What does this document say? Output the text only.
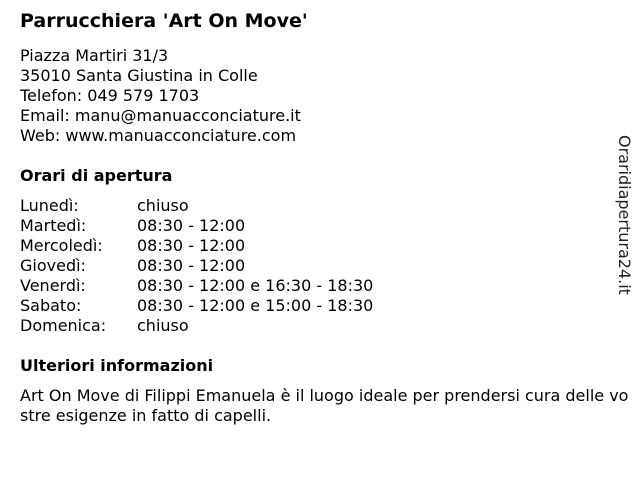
Parrucchiera 'Art On Move'
Piazza Martiri 31/3
35010 Santa Giustina in Colle
Telefon: 049 579 1703
Email: manu@manuacconciature.it
Web: www.manuacconciature.com
Orari di apertura
Lunedì:	chiuso
Martedì:	08:30 - 12:00
Mercoledì:	08:30 - 12:00
Giovedì:	08:30 - 12:00
Venerdì:	08:30 - 12:00 e 16:30 - 18:30
Sabato:	08:30 - 12:00 e 15:00 - 18:30
Domenica:	chiuso
Ulteriori informazioni
Art On Move di Filippi Emanuela è il luogo ideale per prendersi cura delle vostre esigenze in fatto di capelli.
Oraridiapertura24.it
